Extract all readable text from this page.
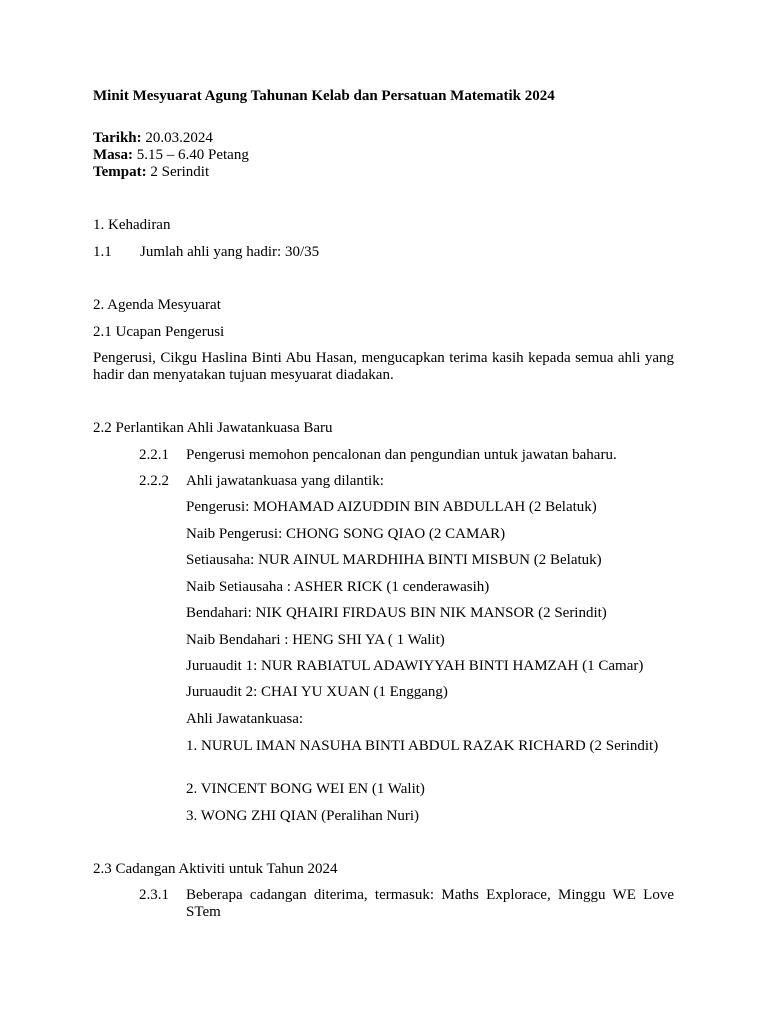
Minit Mesyuarat Agung Tahunan Kelab dan Persatuan Matematik 2024
Tarikh: 20.03.2024
Masa: 5.15 – 6.40 Petang
Tempat: 2 Serindit
1. Kehadiran
1.1 Jumlah ahli yang hadir: 30/35
2. Agenda Mesyuarat
2.1 Ucapan Pengerusi
Pengerusi, Cikgu Haslina Binti Abu Hasan, mengucapkan terima kasih kepada semua ahli yang hadir dan menyatakan tujuan mesyuarat diadakan.
2.2 Perlantikan Ahli Jawatankuasa Baru
2.2.1 Pengerusi memohon pencalonan dan pengundian untuk jawatan baharu.
2.2.2 Ahli jawatankuasa yang dilantik:
Pengerusi: MOHAMAD AIZUDDIN BIN ABDULLAH (2 Belatuk)
Naib Pengerusi: CHONG SONG QIAO (2 CAMAR)
Setiausaha: NUR AINUL MARDHIHA BINTI MISBUN (2 Belatuk)
Naib Setiausaha : ASHER RICK (1 cenderawasih)
Bendahari: NIK QHAIRI FIRDAUS BIN NIK MANSOR (2 Serindit)
Naib Bendahari : HENG SHI YA ( 1 Walit)
Juruaudit 1: NUR RABIATUL ADAWIYYAH BINTI HAMZAH (1 Camar)
Juruaudit 2: CHAI YU XUAN (1 Enggang)
Ahli Jawatankuasa:
1. NURUL IMAN NASUHA BINTI ABDUL RAZAK RICHARD (2 Serindit)
2. VINCENT BONG WEI EN (1 Walit)
3. WONG ZHI QIAN (Peralihan Nuri)
2.3 Cadangan Aktiviti untuk Tahun 2024
2.3.1	Beberapa cadangan diterima, termasuk: Maths Explorace, Minggu WE Love STem
